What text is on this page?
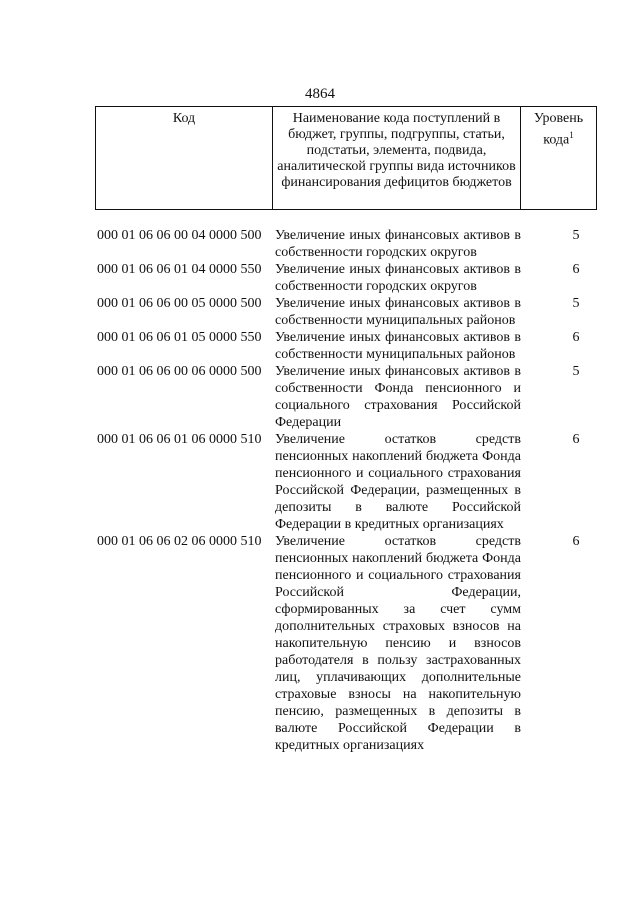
4864
Код	Наименование кода поступлений в бюджет, группы, подгруппы, статьи, подстатьи, элемента, подвида, аналитической группы вида источников финансирования дефицитов бюджетов
Уровень кода$^1$
000 01 06 06 00 04 0000 500 Увеличение иных финансовых активов в собственности городских округов
5
000 01 06 06 01 04 0000 550 Увеличение иных финансовых активов в собственности городских округов
6
000 01 06 06 00 05 0000 500 Увеличение иных финансовых активов в собственности муниципальных районов
5
000 01 06 06 01 05 0000 550 Увеличение иных финансовых активов в собственности муниципальных районов
6
000 01 06 06 00 06 0000 500 Увеличение иных финансовых активов в собственности Фонда пенсионного и социального страхования Российской Федерации
5
000 01 06 06 01 06 0000 510 Увеличение остатков средств пенсионных накоплений бюджета Фонда пенсионного и социального страхования Российской Федерации, размещенных в депозиты в валюте Российской Федерации в кредитных организациях
6
000 01 06 06 02 06 0000 510 Увеличение остатков средств пенсионных накоплений бюджета Фонда пенсионного и социального страхования Российской Федерации, сформированных за счет сумм дополнительных страховых взносов на накопительную пенсию и взносов работодателя в пользу застрахованных лиц, уплачивающих дополнительные страховые взносы на накопительную пенсию, размещенных в депозиты в валюте Российской Федерации в кредитных организациях
6
